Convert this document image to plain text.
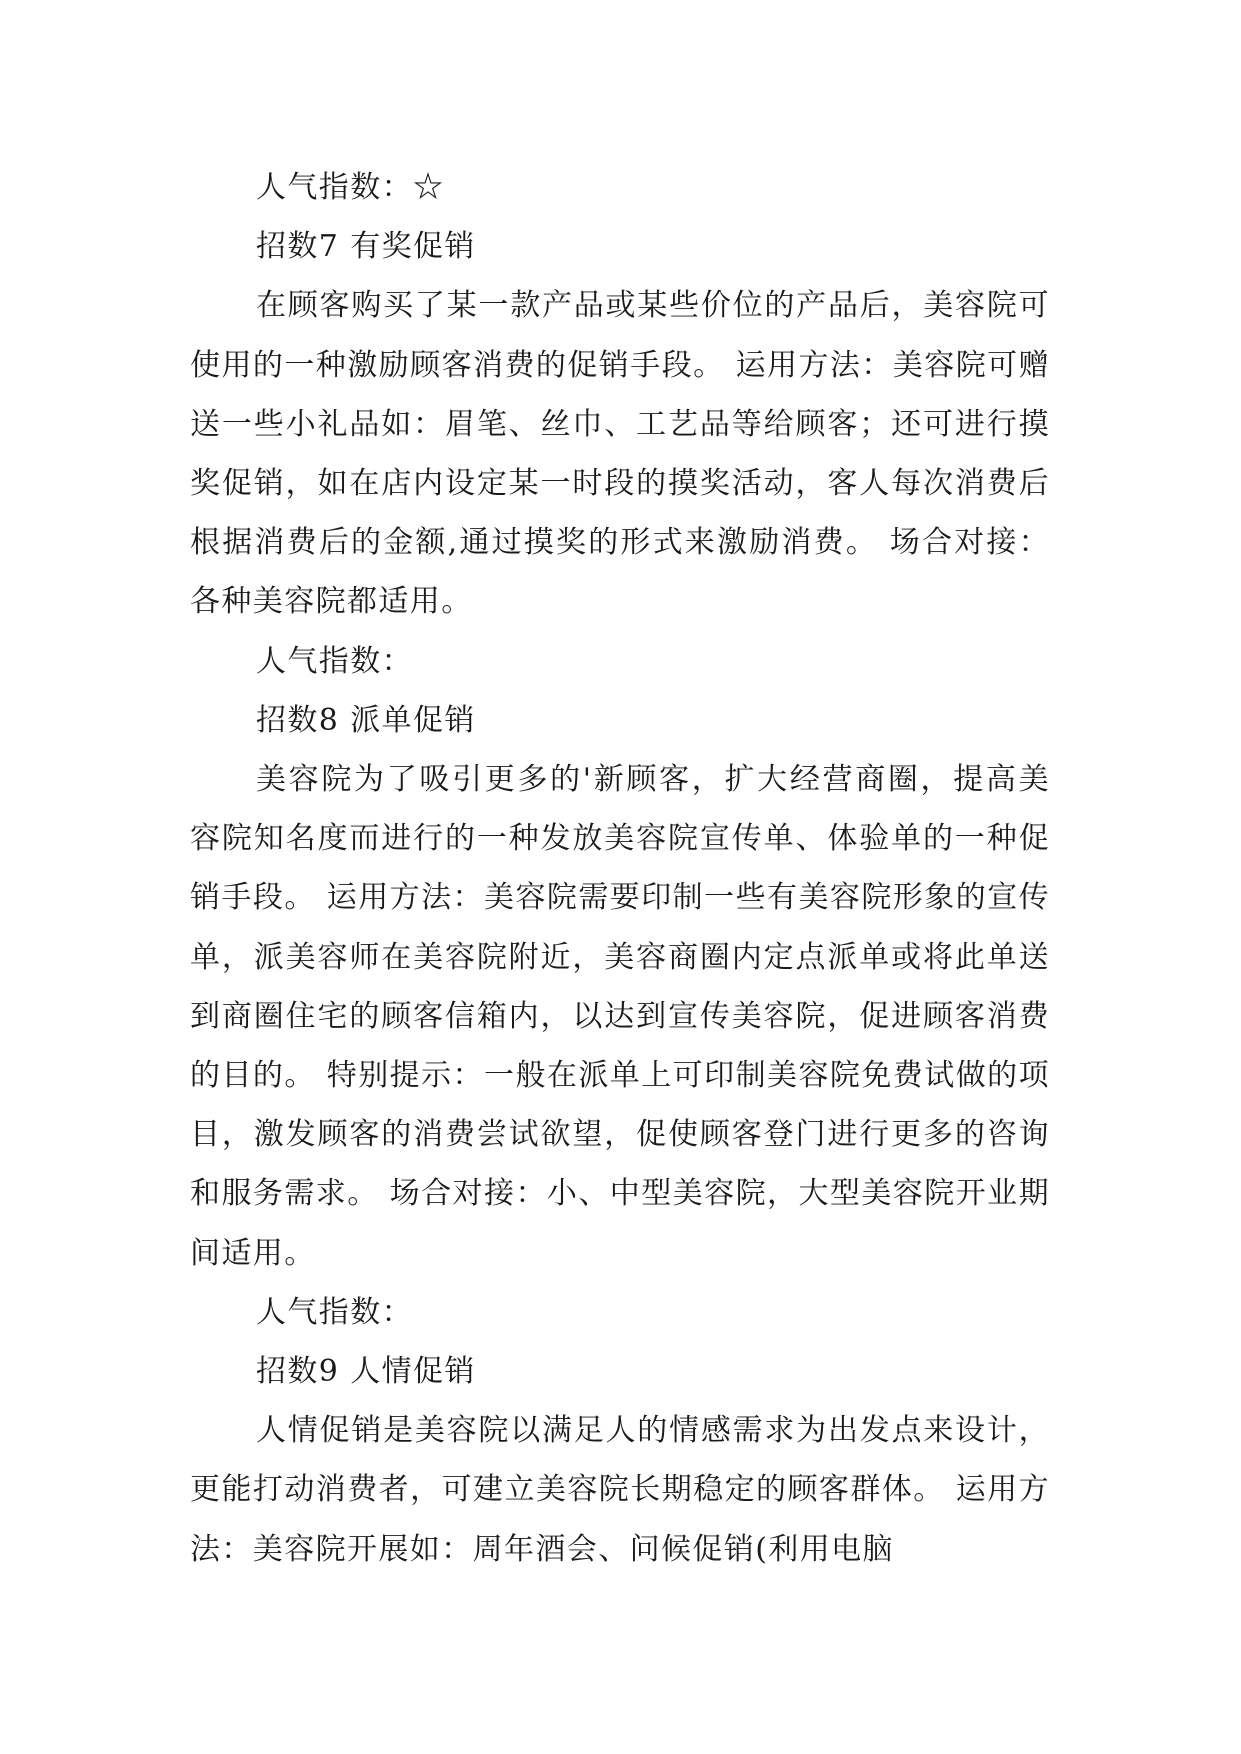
人气指数：☆

招数7 有奖促销

在顾客购买了某一款产品或某些价位的产品后，美容院可使用的一种激励顾客消费的促销手段。 运用方法：美容院可赠送一些小礼品如：眉笔、丝巾、工艺品等给顾客；还可进行摸奖促销，如在店内设定某一时段的摸奖活动，客人每次消费后根据消费后的金额,通过摸奖的形式来激励消费。 场合对接：各种美容院都适用。

人气指数：

招数8 派单促销

美容院为了吸引更多的'新顾客，扩大经营商圈，提高美容院知名度而进行的一种发放美容院宣传单、体验单的一种促销手段。 运用方法：美容院需要印制一些有美容院形象的宣传单，派美容师在美容院附近，美容商圈内定点派单或将此单送到商圈住宅的顾客信箱内，以达到宣传美容院，促进顾客消费的目的。 特别提示：一般在派单上可印制美容院免费试做的项目，激发顾客的消费尝试欲望，促使顾客登门进行更多的咨询和服务需求。 场合对接：小、中型美容院，大型美容院开业期间适用。

人气指数：

招数9 人情促销

人情促销是美容院以满足人的情感需求为出发点来设计，更能打动消费者，可建立美容院长期稳定的顾客群体。 运用方法：美容院开展如：周年酒会、问候促销(利用电脑
